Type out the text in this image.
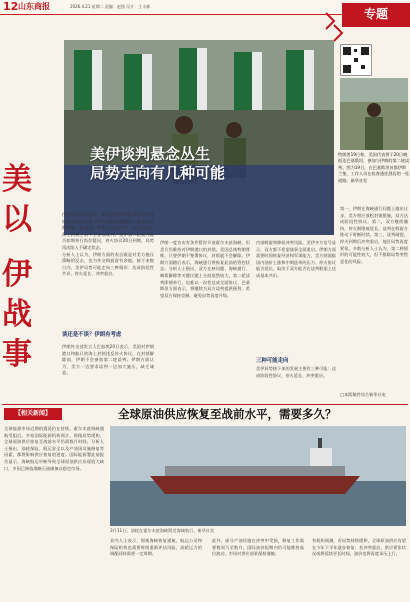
12 山东商报	2026.4.21 星期二 责编：赵凯 设计：王丰郝
专题
美
以
伊
战
事
美伊谈判悬念丛生
局势走向有几种可能
特朗普19日称，美国代表将于20日晚抵达巴基斯坦，参加与伊朗的第二轮谈判。图为19日，在巴基斯坦首都伊斯兰堡，工作人员在检查通往酒店的一处道路。新华社发
伊朗局势又现反转。美国总统特朗普20日早些时候称美国代表将于20日抵达巴基斯坦，参加与伊朗的第二轮谈判。伊朗方面回应称，在美国停止海上封锁之前不会参加谈判。美伊第二轮谈判能否如期举行尚存疑问，停火协议20日到期，局势再次陷入不确定状态。
分析人士认为，伊朗方面的表态既是对美方施压策略的反击，也为外交斡旋留有余地。接下来数日内，美伊局势可能走向三种情形：达成阶段性共识、停火延长、冲突重启。
谈还是不谈？伊朗有考虑
伊朗外交部发言人巴加埃20日表示，美国对伊朗港口和船只的海上封锁违反停火协议，在封锁解除前，伊朗不会参加第二轮谈判。伊朗方面认为，美方一边要求谈判一边加大施压，缺乏诚意。
伊朗一度宣布有条件暂时开放霍尔木兹海峡，但美方仍维持对伊朗港口的封锁。美国总统特朗普称，只要伊朗不签署协议，封锁就不会解除。伊朗方面随后表示，海峡通行将恢复此前的管控状态。分析人士指出，双方在核问题、海峡通行、制裁解除等关键议题上分歧依然较大，第二轮谈判即便举行，也难以一次性达成全面协议。巴基斯坦方面表示，将继续为双方谈判提供便利，希望双方保持克制，避免局势再度升级。
内部斡旋和降低冲突风险。美伊多方信号显示，双方都不希望战事全面重启。伊朗方面需要时间恢复经济和军事能力，美方则面临国内油价上涨和中期选举的压力。停火协议能否延长，取决于双方能否在谈判框架上达成基本共识。
三种可能走向
美伊局势接下来的发展主要有三种可能：达成阶段性协议、停火延长、冲突重启。
第一，伊朗在海峡通行问题上做出让步，美方相应放松封锁措施，双方达成阶段性协议。第二，双方继续僵持，停火期限被延长，谈判在斡旋方推动下时断时续。第三，谈判破裂，停火到期后冲突重启，地区局势再度紧张。多数分析人士认为，第二种情形的可能性较大，但不排除局势突然恶化的风险。
□本版稿件综合新华社电
【相关新闻】	全球原油供应恢复至战前水平，需要多久？
全球能源市场近期的震荡仍在持续。霍尔木兹海峡通航受阻后，多家国际能源机构预计，即使局势缓和，全球原油供应恢复至战前水平仍需数月时间。分析人士指出，油轮保险、航运安全以及产油国设施修复等因素，都将影响供应恢复的进度。国际能源署此前报告显示，海峡航运中断导致全球原油供应出现较大缺口，多国已释放战略石油储备以稳定市场。
3月11日，油轮在霍尔木兹海峡附近海域航行。新华社发
业内人士表示，即使海峡恢复通航，航运公司和保险机构也需要时间重新评估风险，油轮运力的调配同样需要一定周期。
此外，部分产油设施在冲突中受损，修复工作需要数周乃至数月。国际油价短期内仍可能维持高位波动，市场对供应前景保持谨慎。
有机构预测，若局势持续缓和，全球原油供应有望在今年下半年逐步恢复；若冲突重启，供应紧张状况或将延续更长时间，油价也将再度承压上行。
